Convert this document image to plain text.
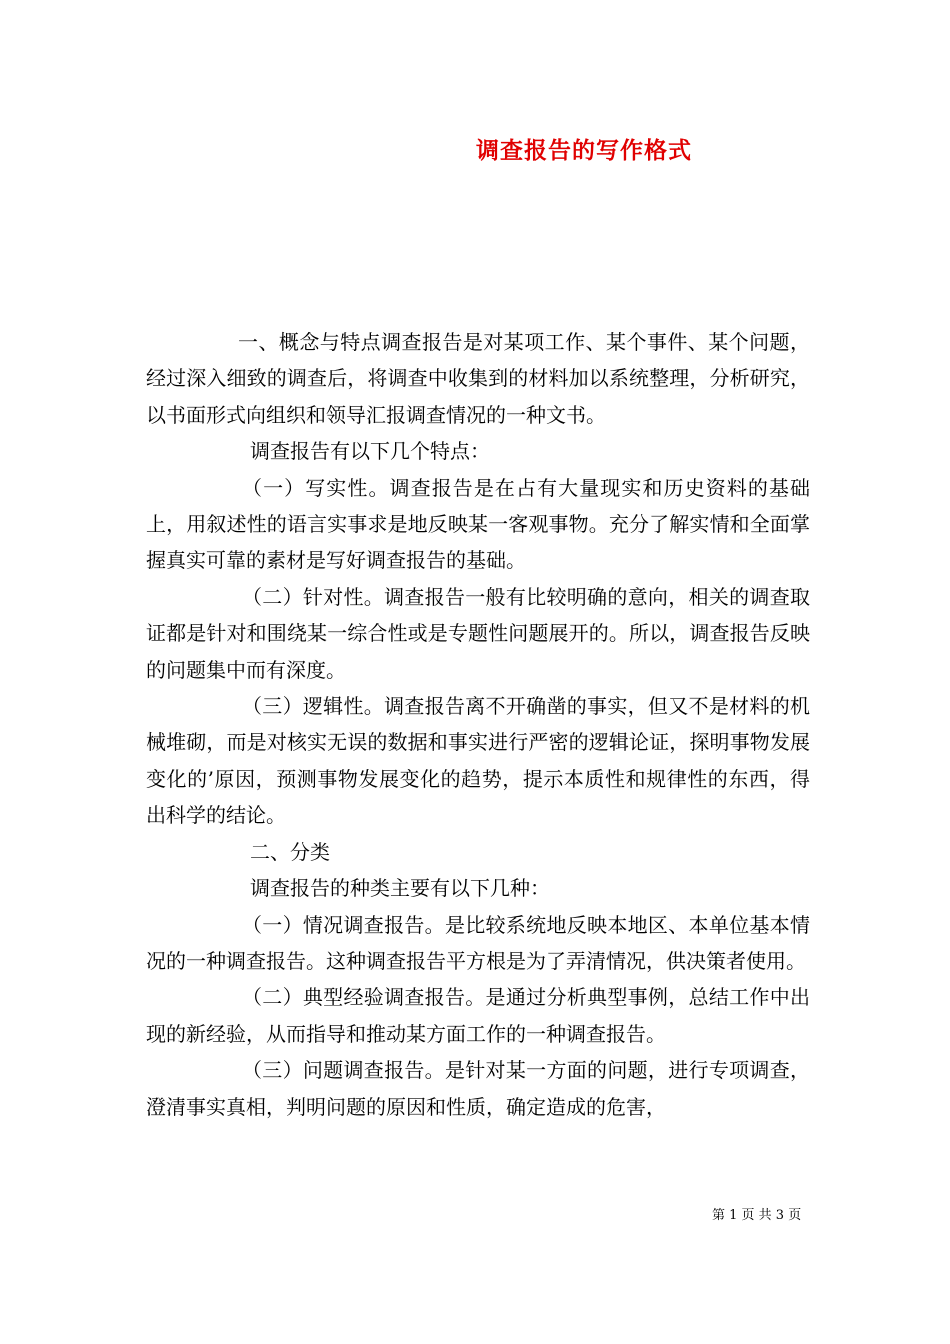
调查报告的写作格式

一、概念与特点调查报告是对某项工作、某个事件、某个问题，经过深入细致的调查后，将调查中收集到的材料加以系统整理，分析研究，以书面形式向组织和领导汇报调查情况的一种文书。

调查报告有以下几个特点：

（一）写实性。调查报告是在占有大量现实和历史资料的基础上，用叙述性的语言实事求是地反映某一客观事物。充分了解实情和全面掌握真实可靠的素材是写好调查报告的基础。

（二）针对性。调查报告一般有比较明确的意向，相关的调查取证都是针对和围绕某一综合性或是专题性问题展开的。所以，调查报告反映的问题集中而有深度。

（三）逻辑性。调查报告离不开确凿的事实，但又不是材料的机械堆砌，而是对核实无误的数据和事实进行严密的逻辑论证，探明事物发展变化的’原因，预测事物发展变化的趋势，提示本质性和规律性的东西，得出科学的结论。

二、分类

调查报告的种类主要有以下几种：

（一）情况调查报告。是比较系统地反映本地区、本单位基本情况的一种调查报告。这种调查报告平方根是为了弄清情况，供决策者使用。

（二）典型经验调查报告。是通过分析典型事例，总结工作中出现的新经验，从而指导和推动某方面工作的一种调查报告。

（三）问题调查报告。是针对某一方面的问题，进行专项调查，澄清事实真相，判明问题的原因和性质，确定造成的危害，

第 1 页 共 3 页
